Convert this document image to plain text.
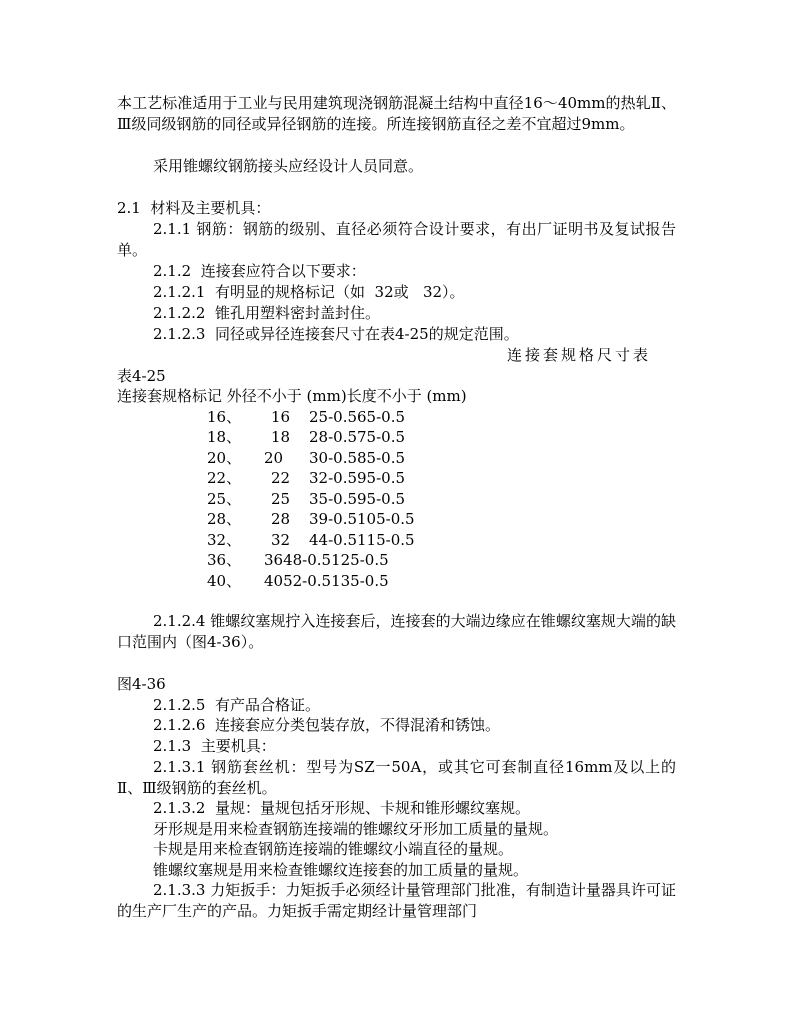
本工艺标准适用于工业与民用建筑现浇钢筋混凝土结构中直径16～40mm的热轧Ⅱ、Ⅲ级同级钢筋的同径或异径钢筋的连接。所连接钢筋直径之差不宜超过9mm。

采用锥螺纹钢筋接头应经设计人员同意。

2.1  材料及主要机具：

2.1.1 钢筋：钢筋的级别、直径必须符合设计要求，有出厂证明书及复试报告单。

2.1.2  连接套应符合以下要求：

2.1.2.1  有明显的规格标记（如  32或   32）。

2.1.2.2  锥孔用塑料密封盖封住。

2.1.2.3  同径或异径连接套尺寸在表4-25的规定范围。

连接套规格尺寸表

表4-25

连接套规格标记 外径不小于 (mm)长度不小于 (mm)

16、 16 25-0.565-0.5
18、 18 28-0.575-0.5
20、 20 30-0.585-0.5
22、 22 32-0.595-0.5
25、 25 35-0.595-0.5
28、 28 39-0.5105-0.5
32、 32 44-0.5115-0.5
36、 3648-0.5125-0.5
40、 4052-0.5135-0.5

2.1.2.4 锥螺纹塞规拧入连接套后，连接套的大端边缘应在锥螺纹塞规大端的缺口范围内（图4-36）。

图4-36

2.1.2.5  有产品合格证。

2.1.2.6  连接套应分类包装存放，不得混淆和锈蚀。

2.1.3  主要机具：

2.1.3.1 钢筋套丝机：型号为SZ一50A，或其它可套制直径16mm及以上的Ⅱ、Ⅲ级钢筋的套丝机。

2.1.3.2  量规：量规包括牙形规、卡规和锥形螺纹塞规。

牙形规是用来检查钢筋连接端的锥螺纹牙形加工质量的量规。

卡规是用来检查钢筋连接端的锥螺纹小端直径的量规。

锥螺纹塞规是用来检查锥螺纹连接套的加工质量的量规。

2.1.3.3 力矩扳手：力矩扳手必须经计量管理部门批准，有制造计量器具许可证的生产厂生产的产品。力矩扳手需定期经计量管理部门
